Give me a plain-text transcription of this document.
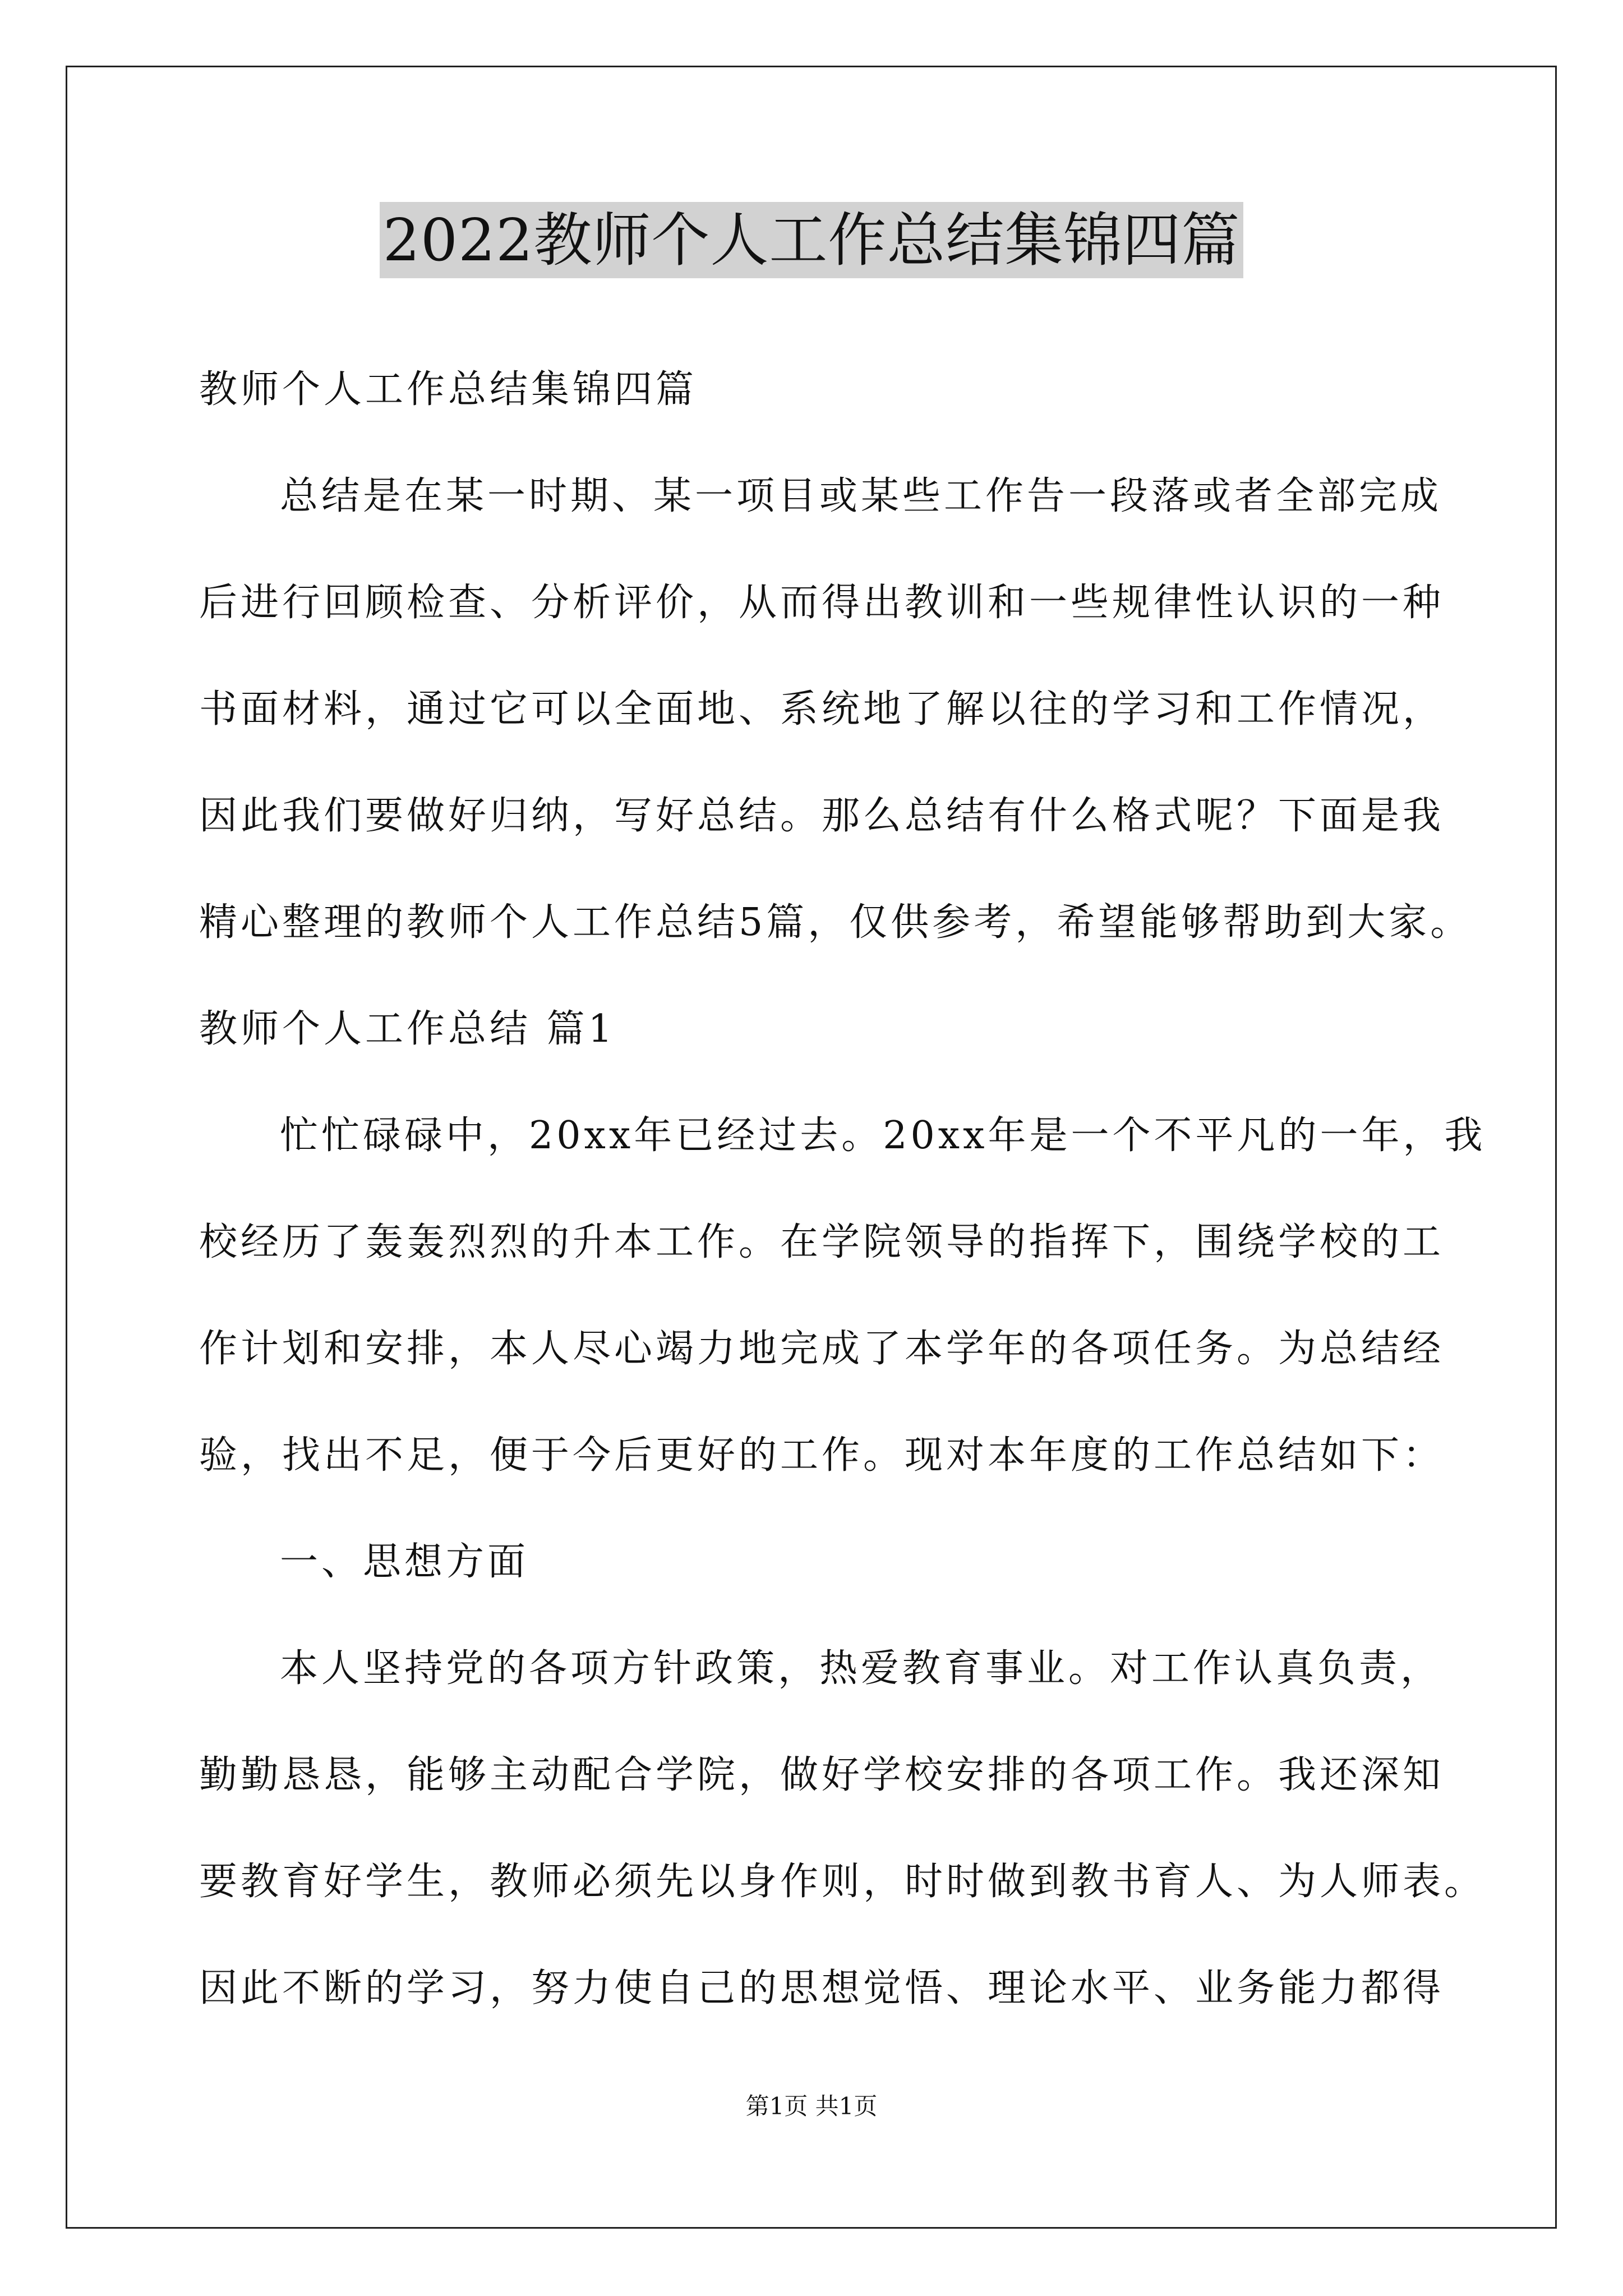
2022教师个人工作总结集锦四篇
教师个人工作总结集锦四篇
总结是在某一时期、某一项目或某些工作告一段落或者全部完成
后进行回顾检查、分析评价，从而得出教训和一些规律性认识的一种
书面材料，通过它可以全面地、系统地了解以往的学习和工作情况，
因此我们要做好归纳，写好总结。那么总结有什么格式呢？下面是我
精心整理的教师个人工作总结5篇，仅供参考，希望能够帮助到大家。
教师个人工作总结 篇1
忙忙碌碌中，20xx年已经过去。20xx年是一个不平凡的一年，我
校经历了轰轰烈烈的升本工作。在学院领导的指挥下，围绕学校的工
作计划和安排，本人尽心竭力地完成了本学年的各项任务。为总结经
验，找出不足，便于今后更好的工作。现对本年度的工作总结如下：
一、思想方面
本人坚持党的各项方针政策，热爱教育事业。对工作认真负责，
勤勤恳恳，能够主动配合学院，做好学校安排的各项工作。我还深知
要教育好学生，教师必须先以身作则，时时做到教书育人、为人师表。
因此不断的学习，努力使自己的思想觉悟、理论水平、业务能力都得
第1页 共1页
